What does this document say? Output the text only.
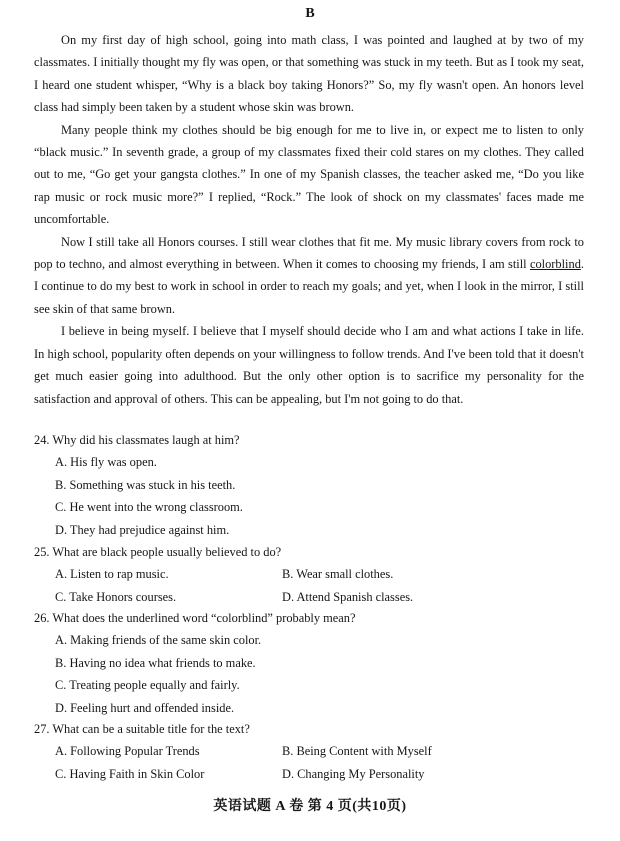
B

On my first day of high school, going into math class, I was pointed and laughed at by two of my classmates. I initially thought my fly was open, or that something was stuck in my teeth. But as I took my seat, I heard one student whisper, “Why is a black boy taking Honors?” So, my fly wasn't open. An honors level class had simply been taken by a student whose skin was brown.

Many people think my clothes should be big enough for me to live in, or expect me to listen to only “black music.” In seventh grade, a group of my classmates fixed their cold stares on my clothes. They called out to me, “Go get your gangsta clothes.” In one of my Spanish classes, the teacher asked me, “Do you like rap music or rock music more?” I replied, “Rock.” The look of shock on my classmates' faces made me uncomfortable.

Now I still take all Honors courses. I still wear clothes that fit me. My music library covers from rock to pop to techno, and almost everything in between. When it comes to choosing my friends, I am still colorblind. I continue to do my best to work in school in order to reach my goals; and yet, when I look in the mirror, I still see skin of that same brown.

I believe in being myself. I believe that I myself should decide who I am and what actions I take in life. In high school, popularity often depends on your willingness to follow trends. And I've been told that it doesn't get much easier going into adulthood. But the only other option is to sacrifice my personality for the satisfaction and approval of others. This can be appealing, but I'm not going to do that.

24. Why did his classmates laugh at him?

A. His fly was open.
B. Something was stuck in his teeth.
C. He went into the wrong classroom.
D. They had prejudice against him.

25. What are black people usually believed to do?

A. Listen to rap music.	B. Wear small clothes.
C. Take Honors courses.	D. Attend Spanish classes.

26. What does the underlined word “colorblind” probably mean?

A. Making friends of the same skin color.
B. Having no idea what friends to make.
C. Treating people equally and fairly.
D. Feeling hurt and offended inside.

27. What can be a suitable title for the text?

A. Following Popular Trends	B. Being Content with Myself
C. Having Faith in Skin Color	D. Changing My Personality
英语试题 A 卷 第 4 页(共10页)
